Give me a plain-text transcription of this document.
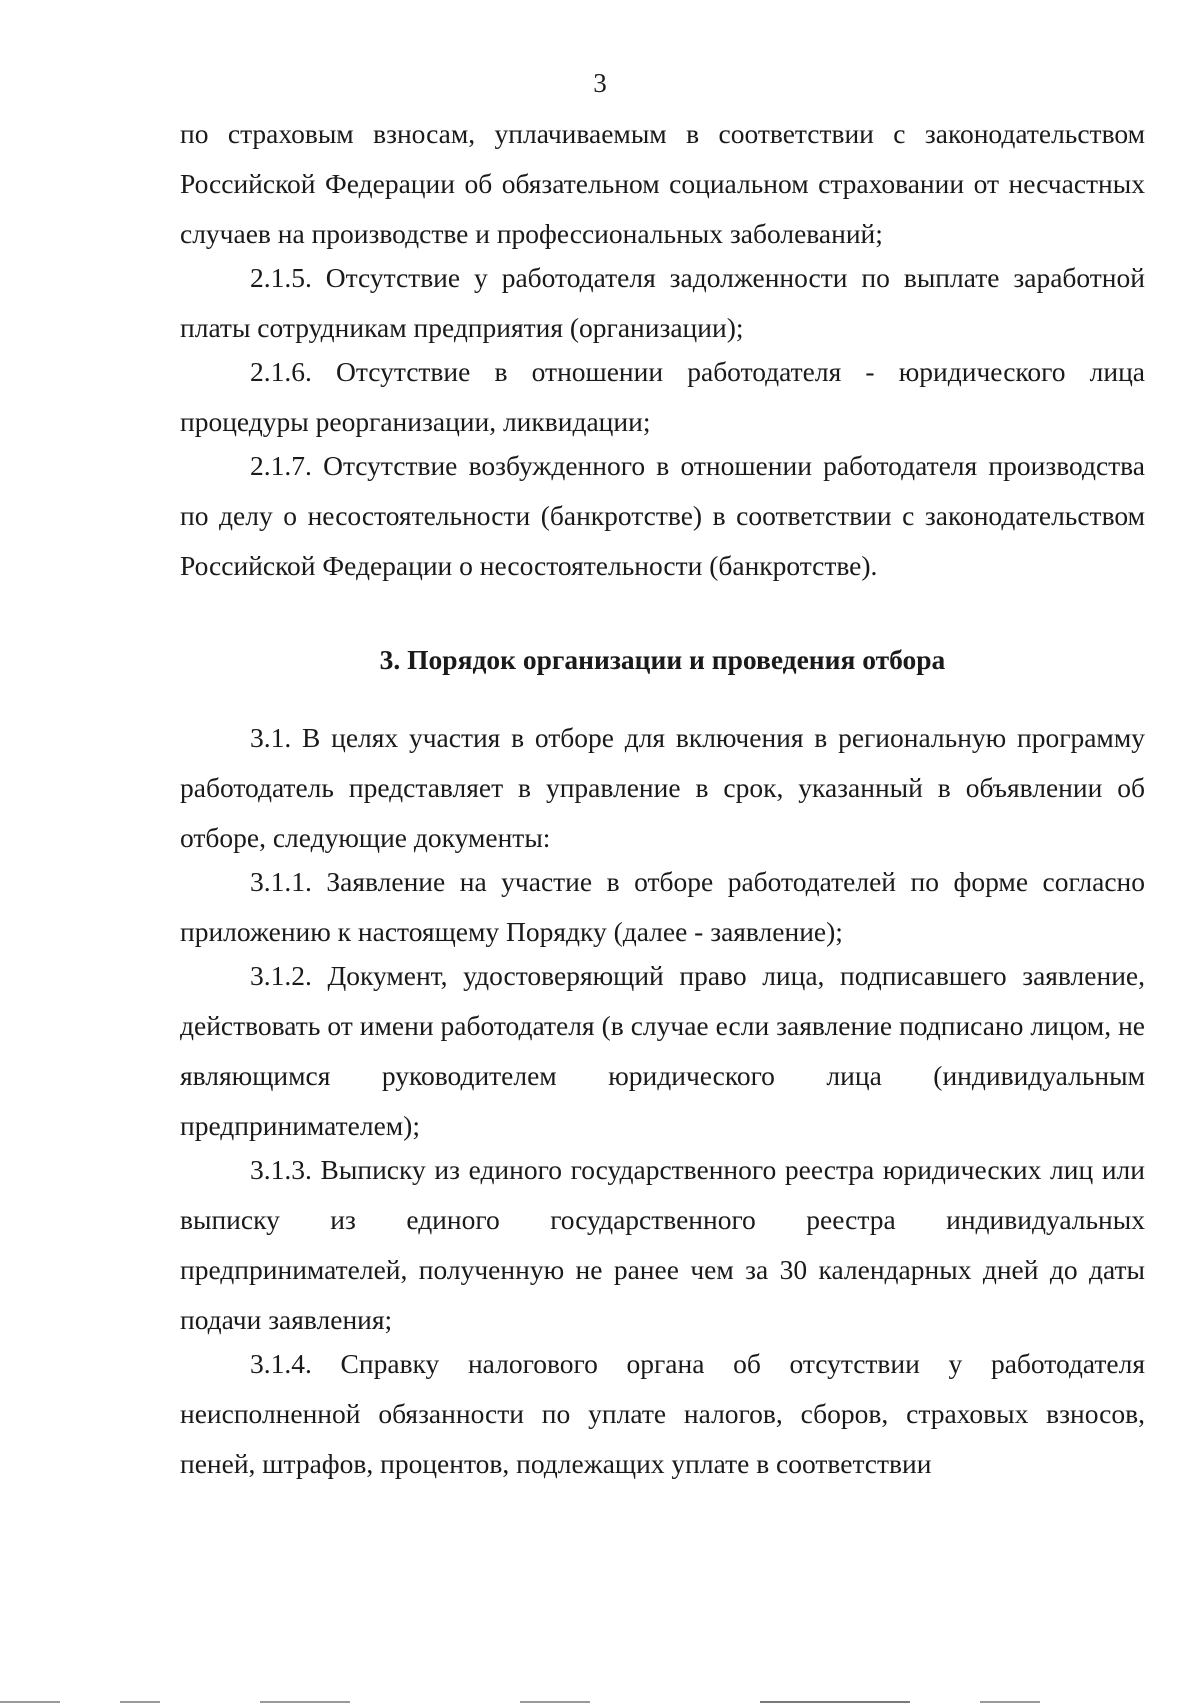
3

по страховым взносам, уплачиваемым в соответствии с законодательством Российской Федерации об обязательном социальном страховании от несчастных случаев на производстве и профессиональных заболеваний;

2.1.5. Отсутствие у работодателя задолженности по выплате заработной платы сотрудникам предприятия (организации);

2.1.6. Отсутствие в отношении работодателя - юридического лица процедуры реорганизации, ликвидации;

2.1.7. Отсутствие возбужденного в отношении работодателя производства по делу о несостоятельности (банкротстве) в соответствии с законодательством Российской Федерации о несостоятельности (банкротстве).

3. Порядок организации и проведения отбора

3.1. В целях участия в отборе для включения в региональную программу работодатель представляет в управление в срок, указанный в объявлении об отборе, следующие документы:

3.1.1. Заявление на участие в отборе работодателей по форме согласно приложению к настоящему Порядку (далее - заявление);

3.1.2. Документ, удостоверяющий право лица, подписавшего заявление, действовать от имени работодателя (в случае если заявление подписано лицом, не являющимся руководителем юридического лица (индивидуальным предпринимателем);

3.1.3. Выписку из единого государственного реестра юридических лиц или выписку из единого государственного реестра индивидуальных предпринимателей, полученную не ранее чем за 30 календарных дней до даты подачи заявления;

3.1.4. Справку налогового органа об отсутствии у работодателя неисполненной обязанности по уплате налогов, сборов, страховых взносов, пеней, штрафов, процентов, подлежащих уплате в соответствии
